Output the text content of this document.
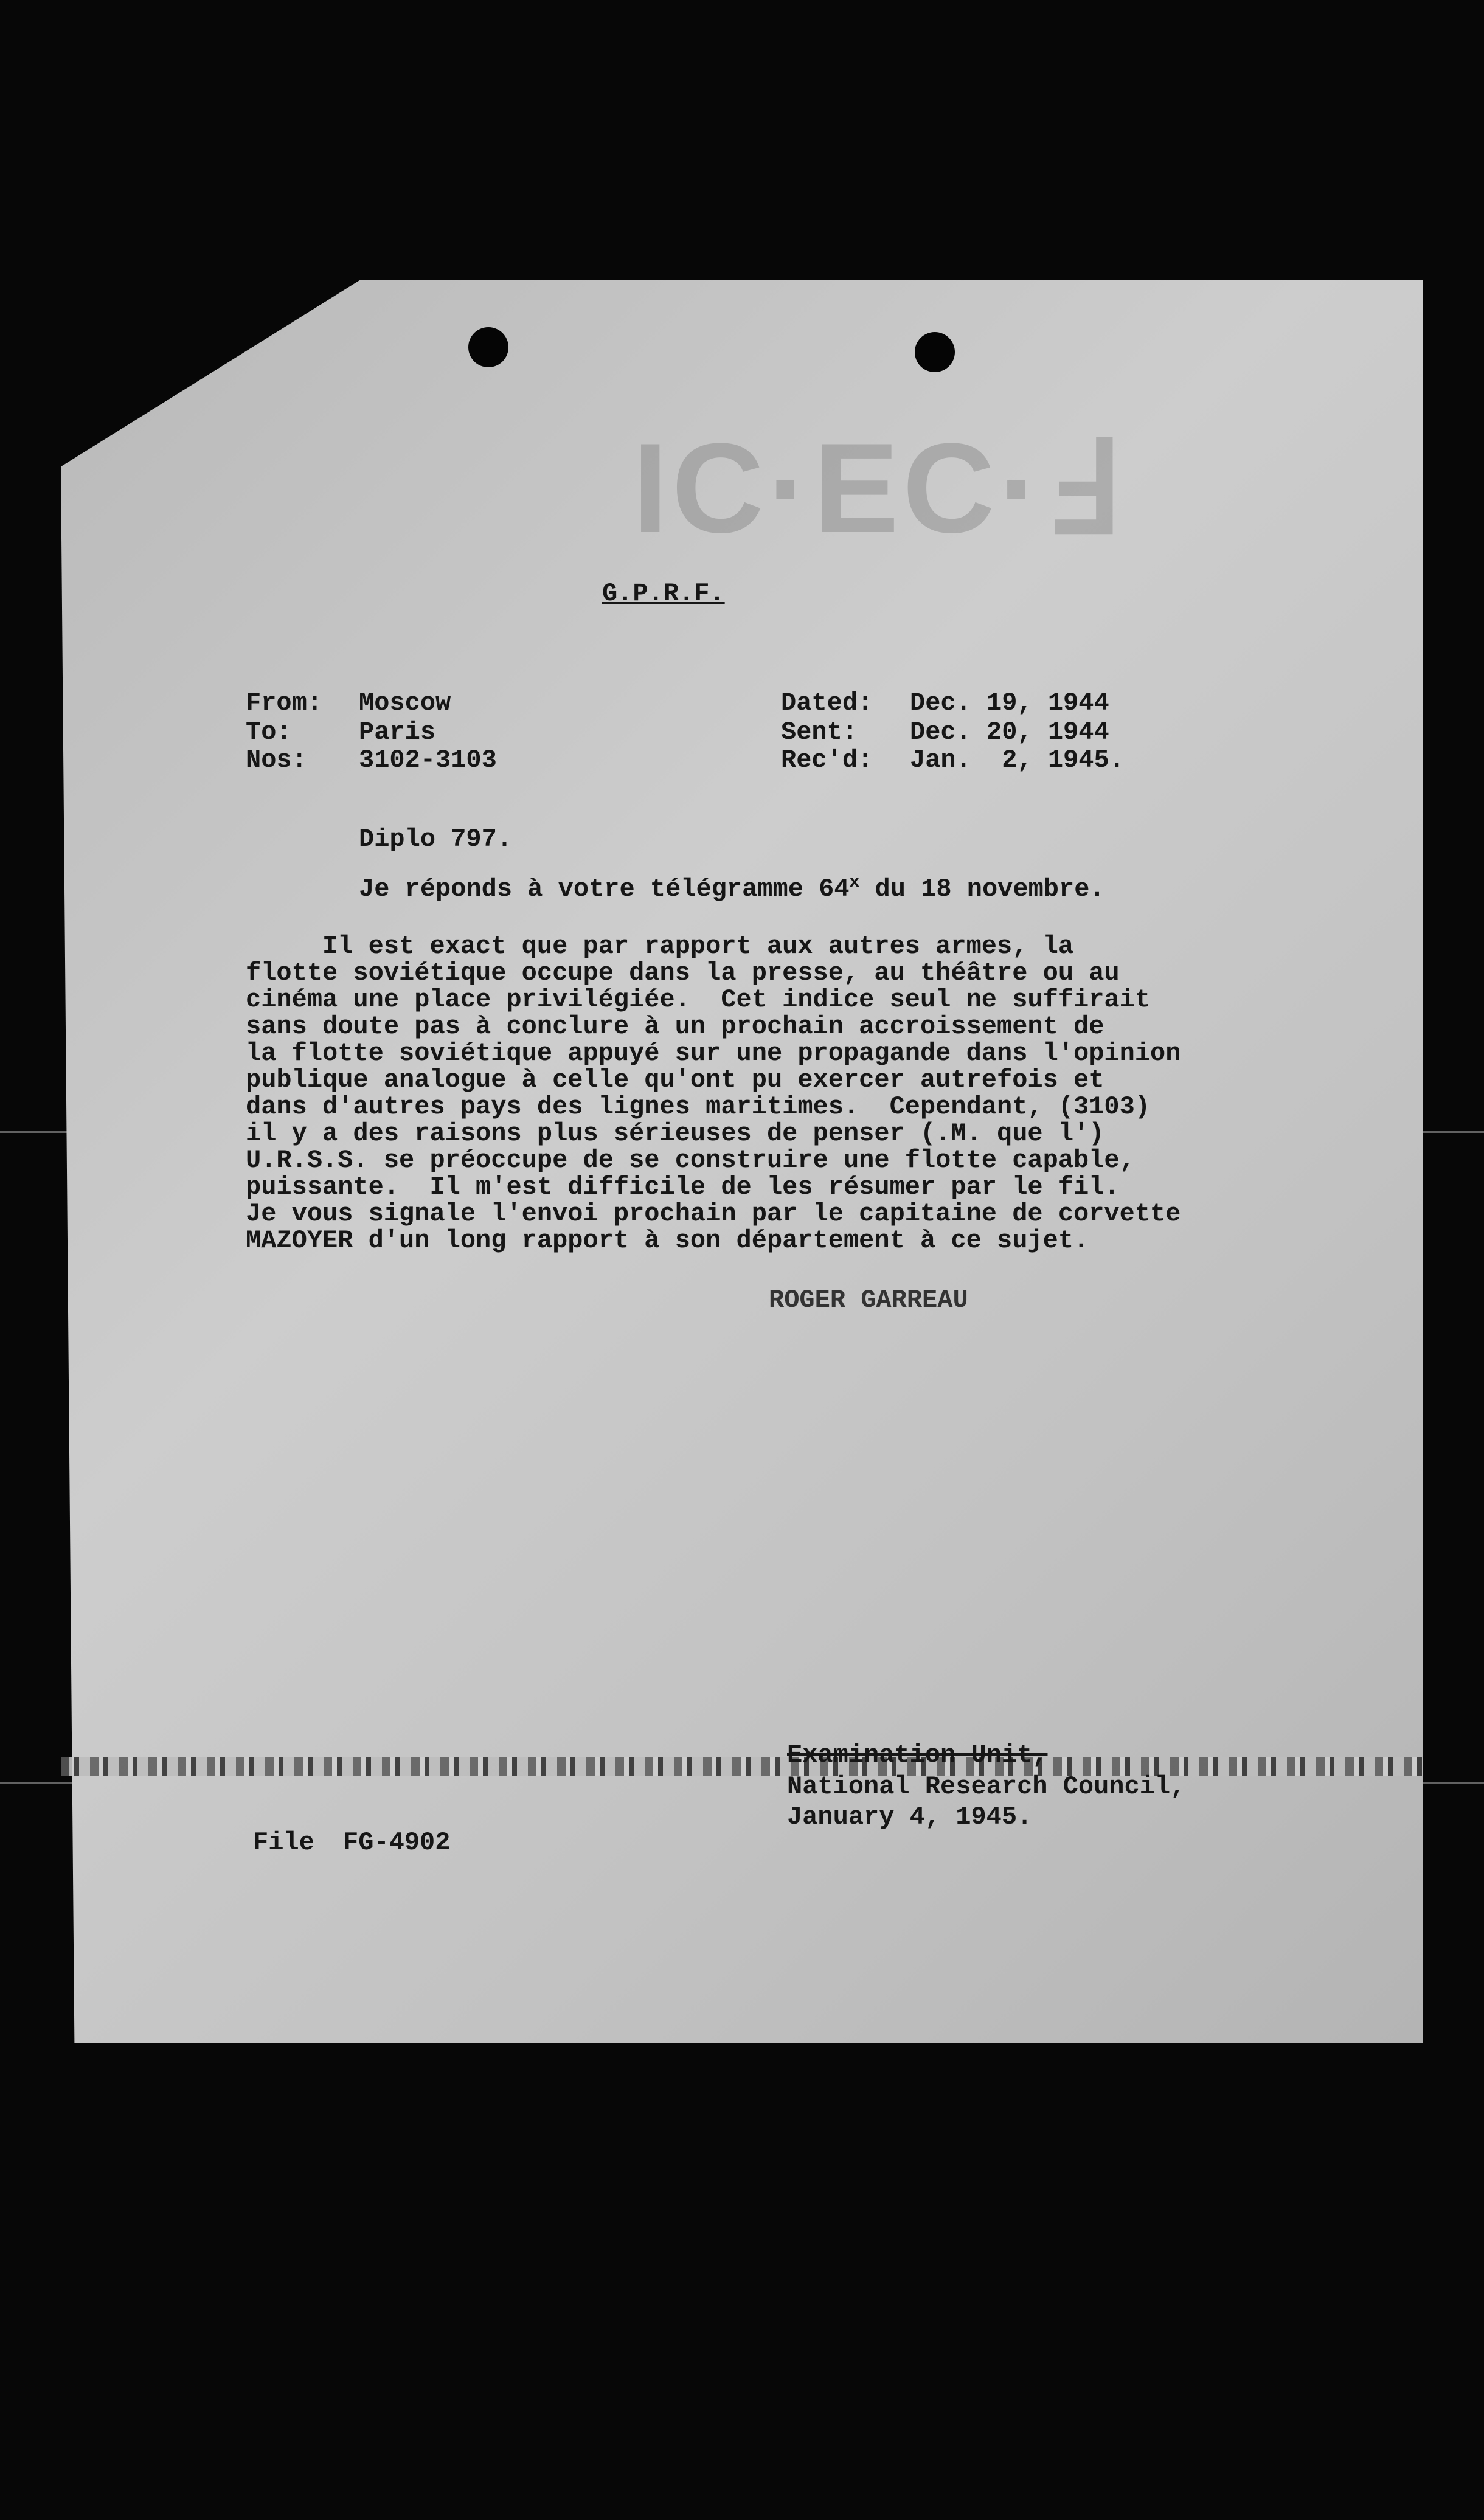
IC·EC·Ⅎ
G.P.R.F.
From:	Moscow
To:	Paris
Nos:	3102-3103
Dated: Dec. 19, 1944
Sent: Dec. 20, 1944
Rec'd: Jan.  2, 1945.
Diplo 797.
Je réponds à votre télégramme 64$^x$ du 18 novembre.
Il est exact que par rapport aux autres armes, la
flotte soviétique occupe dans la presse, au théâtre ou au
cinéma une place privilégiée.  Cet indice seul ne suffirait
sans doute pas à conclure à un prochain accroissement de
la flotte soviétique appuyé sur une propagande dans l'opinion
publique analogue à celle qu'ont pu exercer autrefois et
dans d'autres pays des lignes maritimes.  Cependant, (3103)
il y a des raisons plus sérieuses de penser (.M. que l')
U.R.S.S. se préoccupe de se construire une flotte capable,
puissante.  Il m'est difficile de les résumer par le fil.
Je vous signale l'envoi prochain par le capitaine de corvette
MAZOYER d'un long rapport à son département à ce sujet.
ROGER GARREAU
Examination Unit,
National Research Council,
January 4, 1945.
File FG-4902
